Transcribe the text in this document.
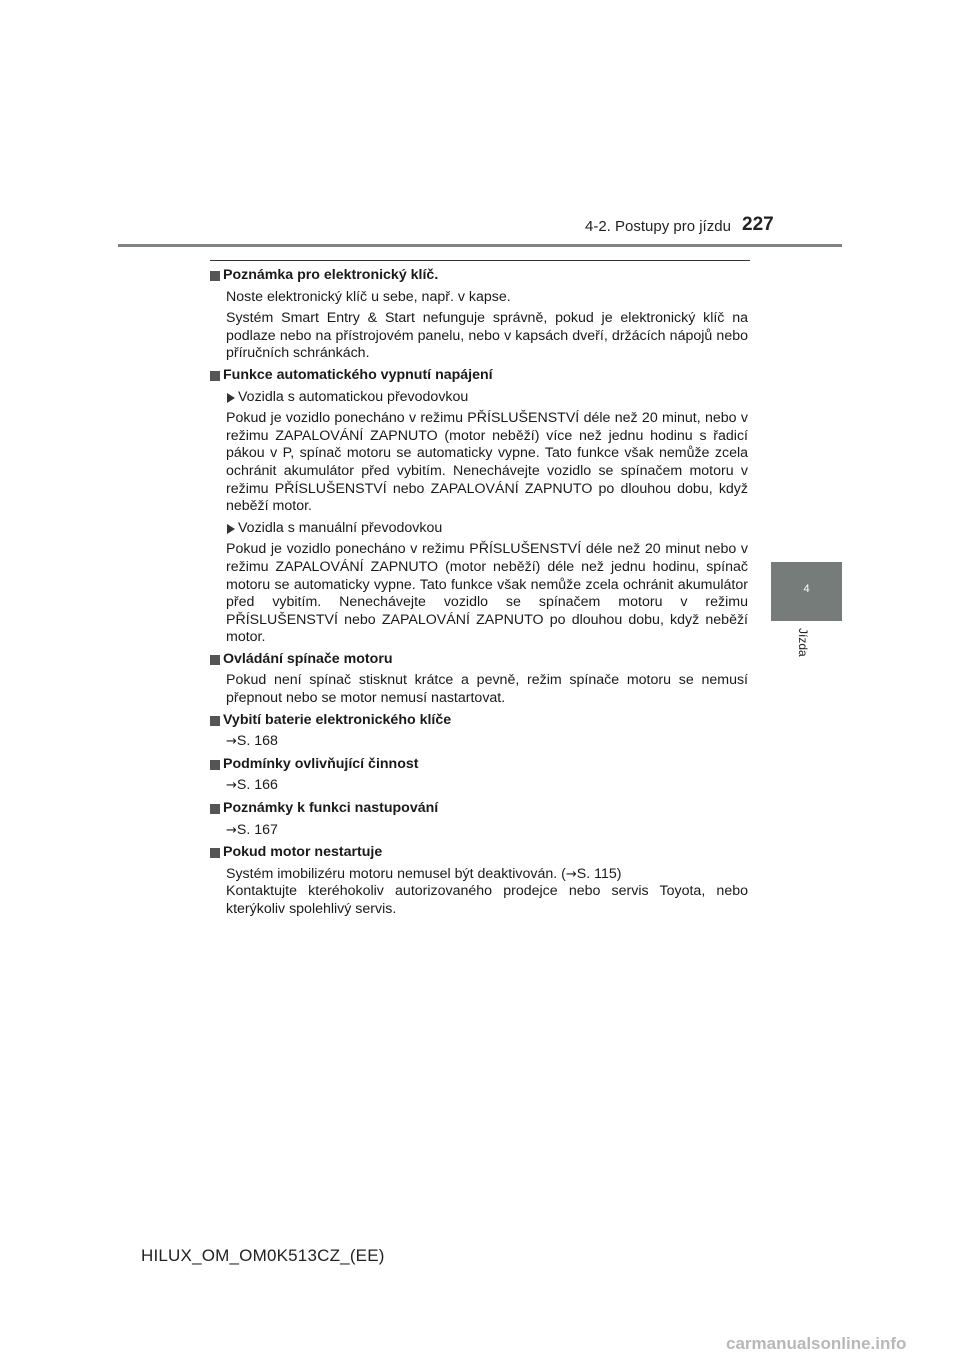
4-2. Postupy pro jízdu 227
4
Jízda
Poznámka pro elektronický klíč.

Noste elektronický klíč u sebe, např. v kapse.

Systém Smart Entry & Start nefunguje správně, pokud je elektronický klíč na podlaze nebo na přístrojovém panelu, nebo v kapsách dveří, držácích nápojů nebo příručních schránkách.

Funkce automatického vypnutí napájení
Vozidla s automatickou převodovkou

Pokud je vozidlo ponecháno v režimu PŘÍSLUŠENSTVÍ déle než 20 minut, nebo v režimu ZAPALOVÁNÍ ZAPNUTO (motor neběží) více než jednu hodinu s řadicí pákou v P, spínač motoru se automaticky vypne. Tato funkce však nemůže zcela ochránit akumulátor před vybitím. Nenechávejte vozidlo se spínačem motoru v režimu PŘÍSLUŠENSTVÍ nebo ZAPALOVÁNÍ ZAPNUTO po dlouhou dobu, když neběží motor.

Vozidla s manuální převodovkou

Pokud je vozidlo ponecháno v režimu PŘÍSLUŠENSTVÍ déle než 20 minut nebo v režimu ZAPALOVÁNÍ ZAPNUTO (motor neběží) déle než jednu hodinu, spínač motoru se automaticky vypne. Tato funkce však nemůže zcela ochránit akumulátor před vybitím. Nenechávejte vozidlo se spínačem motoru v režimu PŘÍSLUŠENSTVÍ nebo ZAPALOVÁNÍ ZAPNUTO po dlouhou dobu, když neběží motor.

Ovládání spínače motoru

Pokud není spínač stisknut krátce a pevně, režim spínače motoru se nemusí přepnout nebo se motor nemusí nastartovat.

Vybití baterie elektronického klíče
→S. 168
Podmínky ovlivňující činnost
→S. 166
Poznámky k funkci nastupování
→S. 167
Pokud motor nestartuje

Systém imobilizéru motoru nemusel být deaktivován. (→S. 115)

Kontaktujte kteréhokoliv autorizovaného prodejce nebo servis Toyota, nebo kterýkoliv spolehlivý servis.

HILUX_OM_OM0K513CZ_(EE)
carmanualsonline.info
